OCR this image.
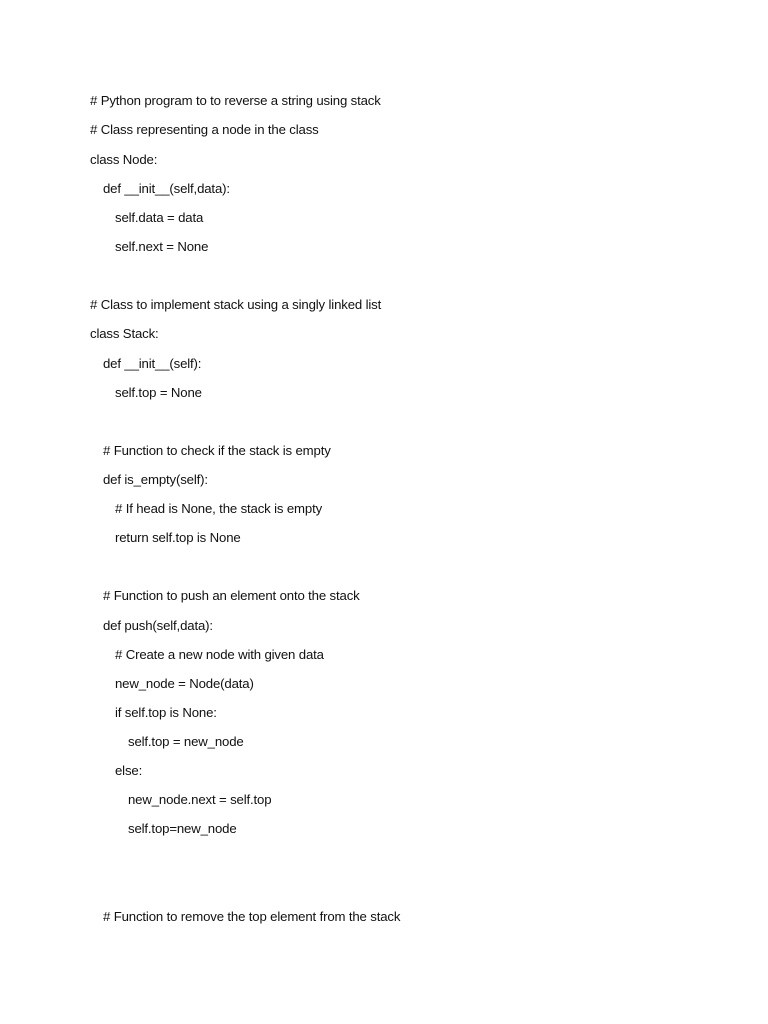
# Python program to to reverse a string using stack
# Class representing a node in the class
class Node:
def __init__(self,data):
self.data = data
self.next = None
# Class to implement stack using a singly linked list
class Stack:
def __init__(self):
self.top = None
# Function to check if the stack is empty
def is_empty(self):
# If head is None, the stack is empty
return self.top is None
# Function to push an element onto the stack
def push(self,data):
# Create a new node with given data
new_node = Node(data)
if self.top is None:
self.top = new_node
else:
new_node.next = self.top
self.top=new_node
# Function to remove the top element from the stack
